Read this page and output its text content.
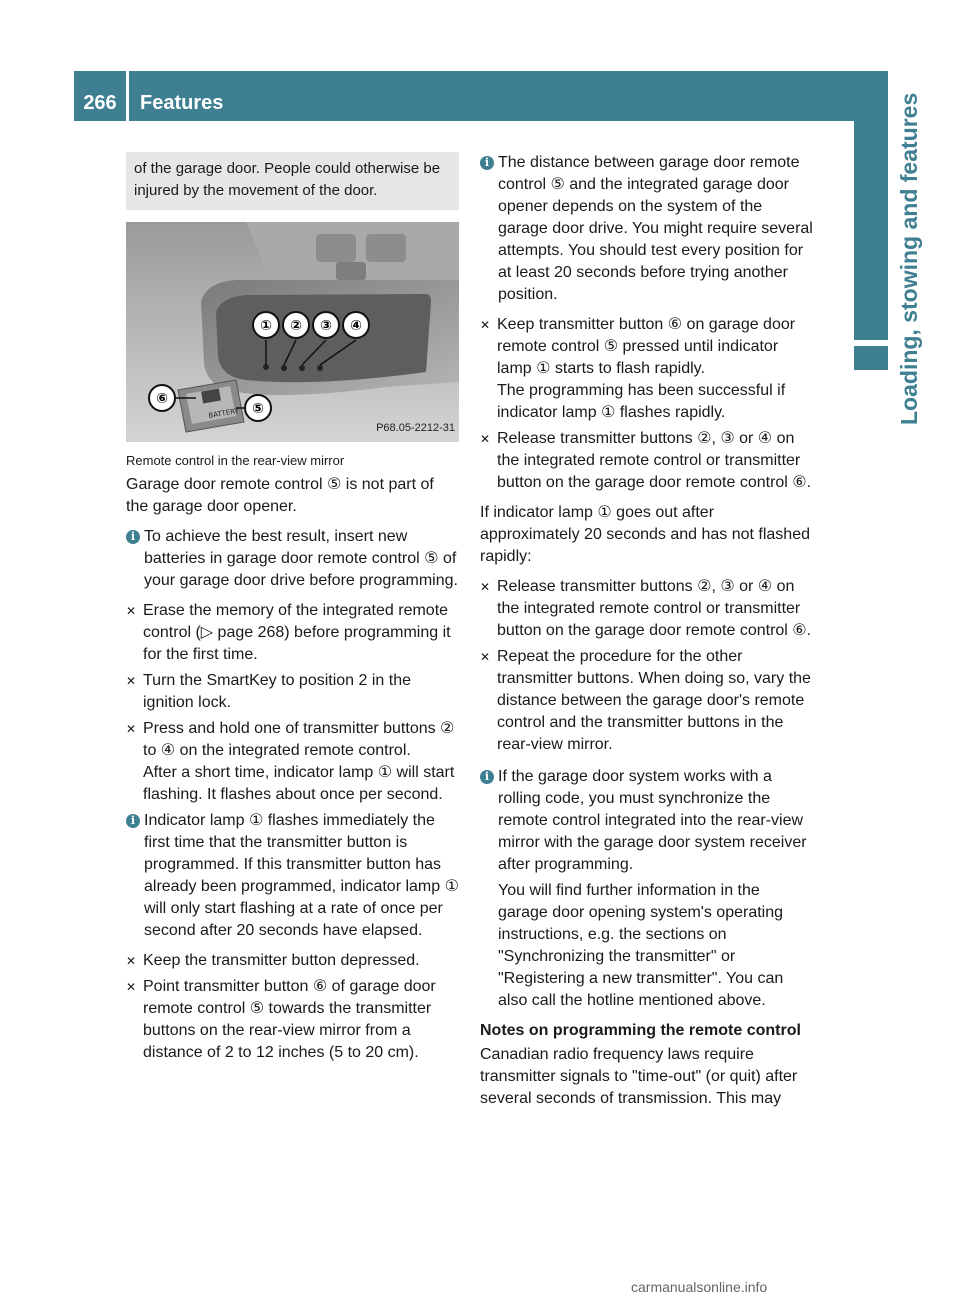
266	Features	Loading, stowing and features
of the garage door. People could otherwise be injured by the movement of the door.
① ② ③ ④
BATTERY
⑥
⑤
P68.05-2212-31
Remote control in the rear-view mirror

Garage door remote control ⑤ is not part of the garage door opener.

i To achieve the best result, insert new batteries in garage door remote control ⑤ of your garage door drive before programming.

✕ Erase the memory of the integrated remote control (▷ page 268) before programming it for the first time.
✕ Turn the SmartKey to position 2 in the ignition lock.
✕ Press and hold one of transmitter buttons ② to ④ on the integrated remote control.
After a short time, indicator lamp ① will start flashing. It flashes about once per second.
i Indicator lamp ① flashes immediately the first time that the transmitter button is programmed. If this transmitter button has already been programmed, indicator lamp ① will only start flashing at a rate of once per second after 20 seconds have elapsed.

✕ Keep the transmitter button depressed.
✕ Point transmitter button ⑥ of garage door remote control ⑤ towards the transmitter buttons on the rear-view mirror from a distance of 2 to 12 inches (5 to 20 cm).
i The distance between garage door remote control ⑤ and the integrated garage door opener depends on the system of the garage door drive. You might require several attempts. You should test every position for at least 20 seconds before trying another position.

✕ Keep transmitter button ⑥ on garage door remote control ⑤ pressed until indicator lamp ① starts to flash rapidly.
The programming has been successful if indicator lamp ① flashes rapidly.
✕ Release transmitter buttons ②, ③ or ④ on the integrated remote control or transmitter button on the garage door remote control ⑥.

If indicator lamp ① goes out after approximately 20 seconds and has not flashed rapidly:

✕ Release transmitter buttons ②, ③ or ④ on the integrated remote control or transmitter button on the garage door remote control ⑥.
✕ Repeat the procedure for the other transmitter buttons. When doing so, vary the distance between the garage door's remote control and the transmitter buttons in the rear-view mirror.
i If the garage door system works with a rolling code, you must synchronize the remote control integrated into the rear-view mirror with the garage door system receiver after programming.

You will find further information in the garage door opening system's operating instructions, e.g. the sections on "Synchronizing the transmitter" or "Registering a new transmitter". You can also call the hotline mentioned above.

Notes on programming the remote control

Canadian radio frequency laws require transmitter signals to "time-out" (or quit) after several seconds of transmission. This may

carmanualsonline.info
